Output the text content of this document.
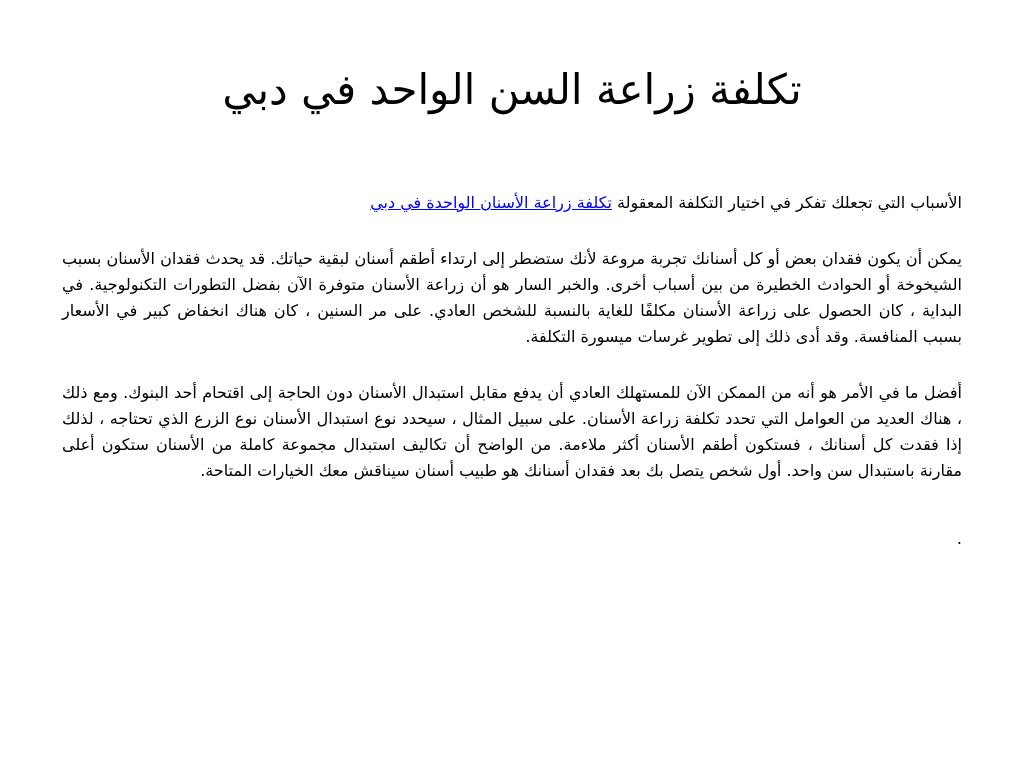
تكلفة زراعة السن الواحد في دبي

الأسباب التي تجعلك تفكر في اختيار التكلفة المعقولة تكلفة زراعة الأسنان الواحدة في دبي

يمكن أن يكون فقدان بعض أو كل أسنانك تجربة مروعة لأنك ستضطر إلى ارتداء أطقم أسنان لبقية حياتك. قد يحدث فقدان الأسنان بسبب الشيخوخة أو الحوادث الخطيرة من بين أسباب أخرى. والخبر السار هو أن زراعة الأسنان متوفرة الآن بفضل التطورات التكنولوجية. في البداية ، كان الحصول على زراعة الأسنان مكلفًا للغاية بالنسبة للشخص العادي. على مر السنين ، كان هناك انخفاض كبير في الأسعار بسبب المنافسة. وقد أدى ذلك إلى تطوير غرسات ميسورة التكلفة.

أفضل ما في الأمر هو أنه من الممكن الآن للمستهلك العادي أن يدفع مقابل استبدال الأسنان دون الحاجة إلى اقتحام أحد البنوك. ومع ذلك ، هناك العديد من العوامل التي تحدد تكلفة زراعة الأسنان. على سبيل المثال ، سيحدد نوع استبدال الأسنان نوع الزرع الذي تحتاجه ، لذلك إذا فقدت كل أسنانك ، فستكون أطقم الأسنان أكثر ملاءمة. من الواضح أن تكاليف استبدال مجموعة كاملة من الأسنان ستكون أعلى مقارنة باستبدال سن واحد. أول شخص يتصل بك بعد فقدان أسنانك هو طبيب أسنان سيناقش معك الخيارات المتاحة.

.
